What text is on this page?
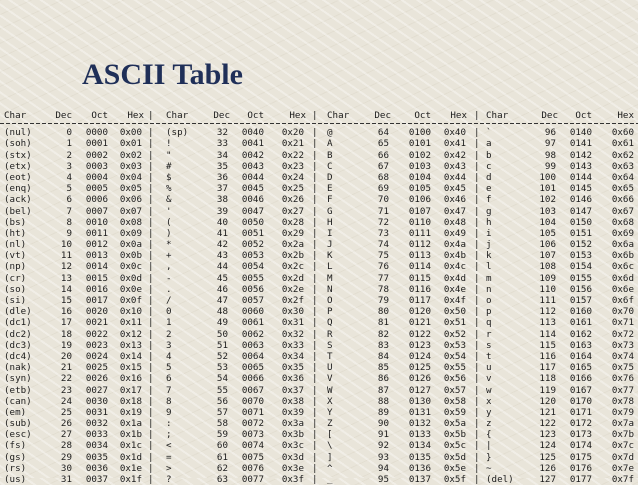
ASCII Table
Char	Dec	Oct	Hex | Char	Dec	Oct	Hex | Char	Dec	Oct	Hex | Char	Dec	Oct	Hex
(nul)	0	0000	0x00 | (sp)	32	0040	0x20 | @	64	0100	0x40 | `	96	0140	0x60
(soh)	1	0001	0x01 | !	33	0041	0x21 | A	65	0101	0x41 | a	97	0141	0x61
(stx)	2	0002	0x02 | "	34	0042	0x22 | B	66	0102	0x42 | b	98	0142	0x62
(etx)	3	0003	0x03 | #	35	0043	0x23 | C	67	0103	0x43 | c	99	0143	0x63
(eot)	4	0004	0x04 | $	36	0044	0x24 | D	68	0104	0x44 | d	100	0144	0x64
(enq)	5	0005	0x05 | %	37	0045	0x25 | E	69	0105	0x45 | e	101	0145	0x65
(ack)	6	0006	0x06 | &	38	0046	0x26 | F	70	0106	0x46 | f	102	0146	0x66
(bel)	7	0007	0x07 | '	39	0047	0x27 | G	71	0107	0x47 | g	103	0147	0x67
(bs)	8	0010	0x08 | (	40	0050	0x28 | H	72	0110	0x48 | h	104	0150	0x68
(ht)	9	0011	0x09 | )	41	0051	0x29 | I	73	0111	0x49 | i	105	0151	0x69
(nl)	10	0012	0x0a | *	42	0052	0x2a | J	74	0112	0x4a | j	106	0152	0x6a
(vt)	11	0013	0x0b | +	43	0053	0x2b | K	75	0113	0x4b | k	107	0153	0x6b
(np)	12	0014	0x0c | ,	44	0054	0x2c | L	76	0114	0x4c | l	108	0154	0x6c
(cr)	13	0015	0x0d | -	45	0055	0x2d | M	77	0115	0x4d | m	109	0155	0x6d
(so)	14	0016	0x0e | .	46	0056	0x2e | N	78	0116	0x4e | n	110	0156	0x6e
(si)	15	0017	0x0f | /	47	0057	0x2f | O	79	0117	0x4f | o	111	0157	0x6f
(dle)	16	0020	0x10 | 0	48	0060	0x30 | P	80	0120	0x50 | p	112	0160	0x70
(dc1)	17	0021	0x11 | 1	49	0061	0x31 | Q	81	0121	0x51 | q	113	0161	0x71
(dc2)	18	0022	0x12 | 2	50	0062	0x32 | R	82	0122	0x52 | r	114	0162	0x72
(dc3)	19	0023	0x13 | 3	51	0063	0x33 | S	83	0123	0x53 | s	115	0163	0x73
(dc4)	20	0024	0x14 | 4	52	0064	0x34 | T	84	0124	0x54 | t	116	0164	0x74
(nak)	21	0025	0x15 | 5	53	0065	0x35 | U	85	0125	0x55 | u	117	0165	0x75
(syn)	22	0026	0x16 | 6	54	0066	0x36 | V	86	0126	0x56 | v	118	0166	0x76
(etb)	23	0027	0x17 | 7	55	0067	0x37 | W	87	0127	0x57 | w	119	0167	0x77
(can)	24	0030	0x18 | 8	56	0070	0x38 | X	88	0130	0x58 | x	120	0170	0x78
(em)	25	0031	0x19 | 9	57	0071	0x39 | Y	89	0131	0x59 | y	121	0171	0x79
(sub)	26	0032	0x1a | :	58	0072	0x3a | Z	90	0132	0x5a | z	122	0172	0x7a
(esc)	27	0033	0x1b | ;	59	0073	0x3b | [	91	0133	0x5b | {	123	0173	0x7b
(fs)	28	0034	0x1c | <	60	0074	0x3c | \	92	0134	0x5c | |	124	0174	0x7c
(gs)	29	0035	0x1d | =	61	0075	0x3d | ]	93	0135	0x5d | }	125	0175	0x7d
(rs)	30	0036	0x1e | >	62	0076	0x3e | ^	94	0136	0x5e | ~	126	0176	0x7e
(us)	31	0037	0x1f | ?	63	0077	0x3f | _	95	0137	0x5f | (del)	127	0177	0x7f
